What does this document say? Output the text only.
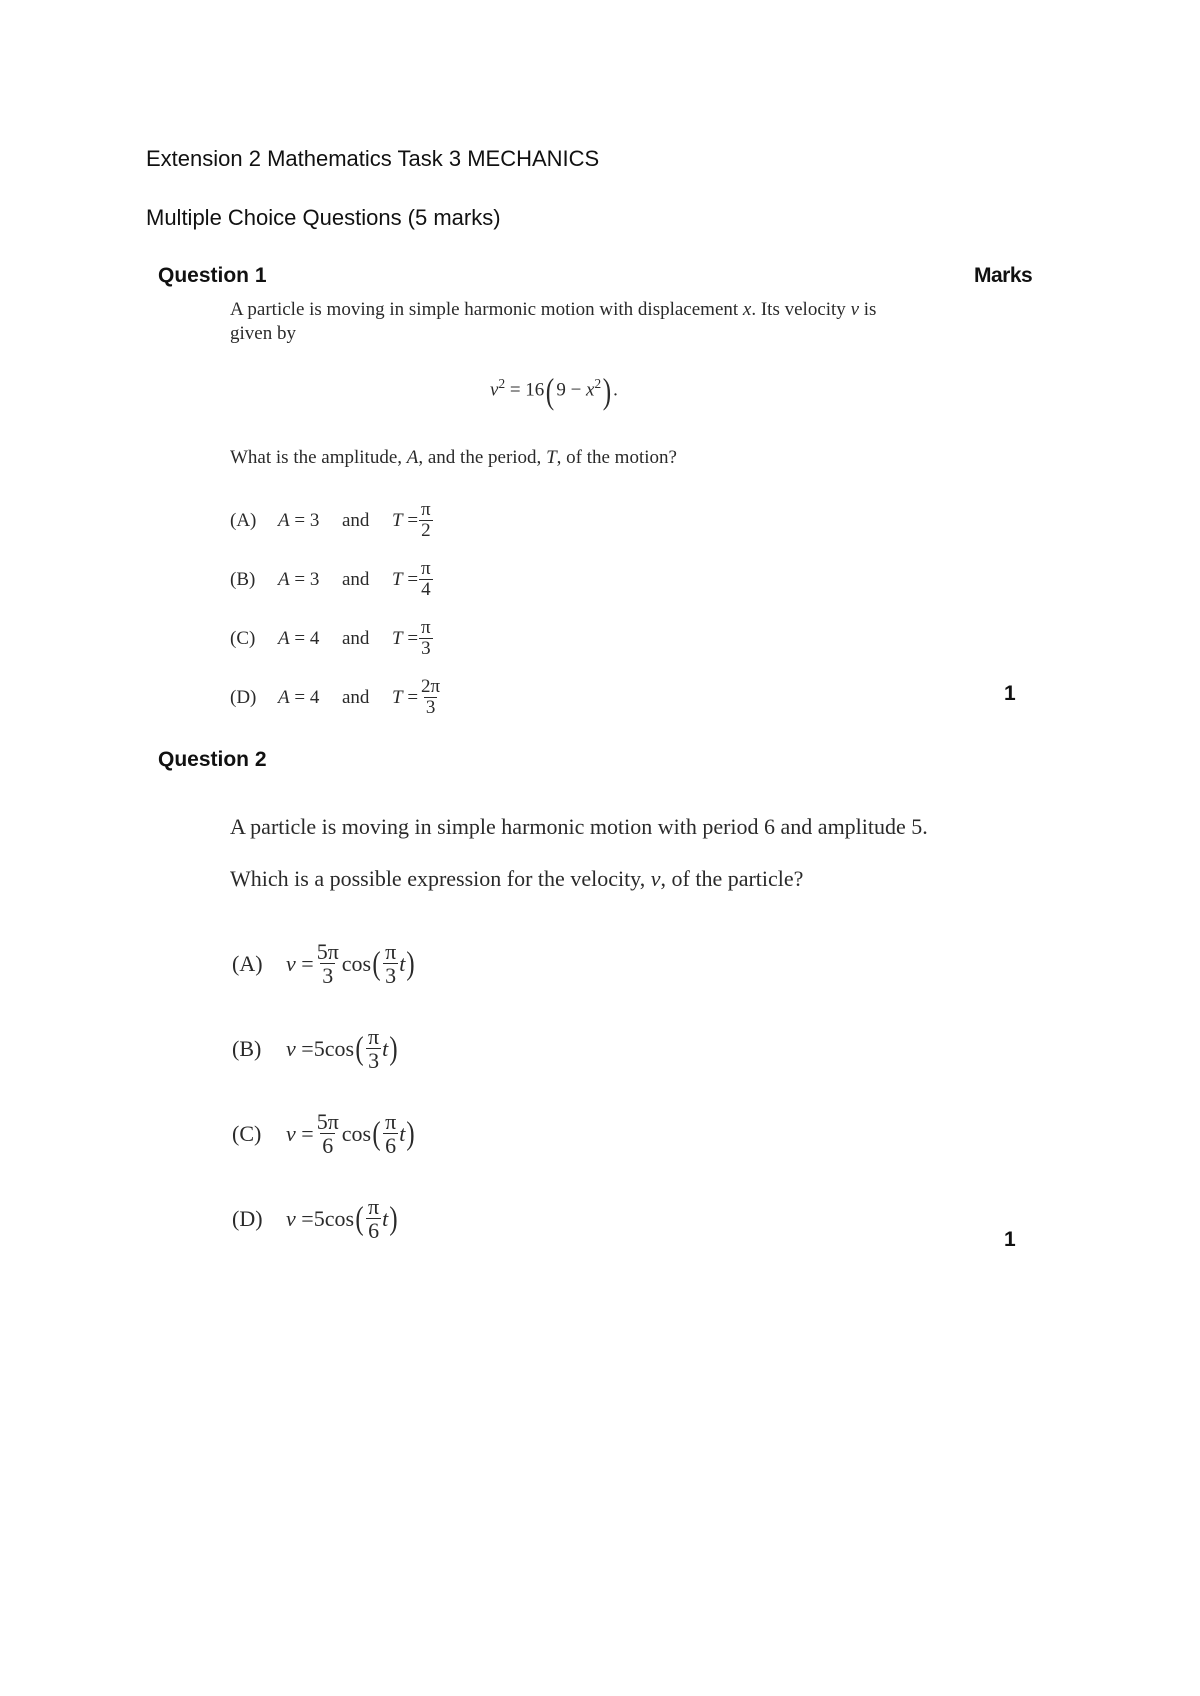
Extension 2 Mathematics Task 3 MECHANICS
Multiple Choice Questions (5 marks)
Marks
Question 1
A particle is moving in simple harmonic motion with displacement x. Its velocity v is
given by
$v^2 = 16(9 - x^2)$.
What is the amplitude, A, and the period, T, of the motion?
(A)	A = 3	and	$T = \frac{\pi}{2}$
(B)	A = 3	and	$T = \frac{\pi}{4}$
(C)	A = 4	and	$T = \frac{\pi}{3}$
(D)	A = 4	and	$T = \frac{2\pi}{3}$	1
Question 2
A particle is moving in simple harmonic motion with period 6 and amplitude 5.
Which is a possible expression for the velocity, v, of the particle?
(A)	$v = \frac{5\pi}{3}$ cos ( $\frac{\pi}{3}$ t )
(B)	v = 5 cos ( $\frac{\pi}{3}$ t )
(C)	$v = \frac{5\pi}{6}$ cos ( $\frac{\pi}{6}$ t )
(D)	v = 5 cos ( $\frac{\pi}{6}$ t )
1
